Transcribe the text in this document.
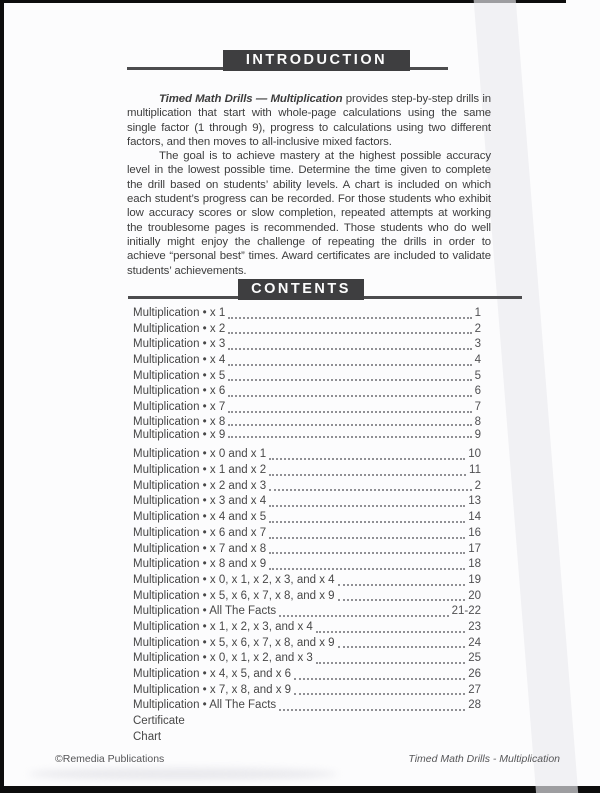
INTRODUCTION

Timed Math Drills — Multiplication provides step-by-step drills in multiplication that start with whole-page calculations using the same single factor (1 through 9), progress to calculations using two different factors, and then moves to all-inclusive mixed factors.

The goal is to achieve mastery at the highest possible accuracy level in the lowest possible time. Determine the time given to complete the drill based on students’ ability levels. A chart is included on which each student’s progress can be recorded. For those students who exhibit low accuracy scores or slow completion, repeated attempts at working the troublesome pages is recommended. Those students who do well initially might enjoy the challenge of repeating the drills in order to achieve “personal best” times. Award certificates are included to validate students’ achievements.

CONTENTS
Multiplication • x 1	1
Multiplication • x 2	2
Multiplication • x 3	3
Multiplication • x 4	4
Multiplication • x 5	5
Multiplication • x 6	6
Multiplication • x 7	7
Multiplication • x 8	8
Multiplication • x 9	9
Multiplication • x 0 and x 1	10
Multiplication • x 1 and x 2	11
Multiplication • x 2 and x 3	2
Multiplication • x 3 and x 4	13
Multiplication • x 4 and x 5	14
Multiplication • x 6 and x 7	16
Multiplication • x 7 and x 8	17
Multiplication • x 8 and x 9	18
Multiplication • x 0, x 1, x 2, x 3, and x 4	19
Multiplication • x 5, x 6, x 7, x 8, and x 9	20
Multiplication • All The Facts	21-22
Multiplication • x 1, x 2, x 3, and x 4	23
Multiplication • x 5, x 6, x 7, x 8, and x 9	24
Multiplication • x 0, x 1, x 2, and x 3	25
Multiplication • x 4, x 5, and x 6	26
Multiplication • x 7, x 8, and x 9	27
Multiplication • All The Facts	28
Certificate
Chart
©Remedia Publications	Timed Math Drills - Multiplication
